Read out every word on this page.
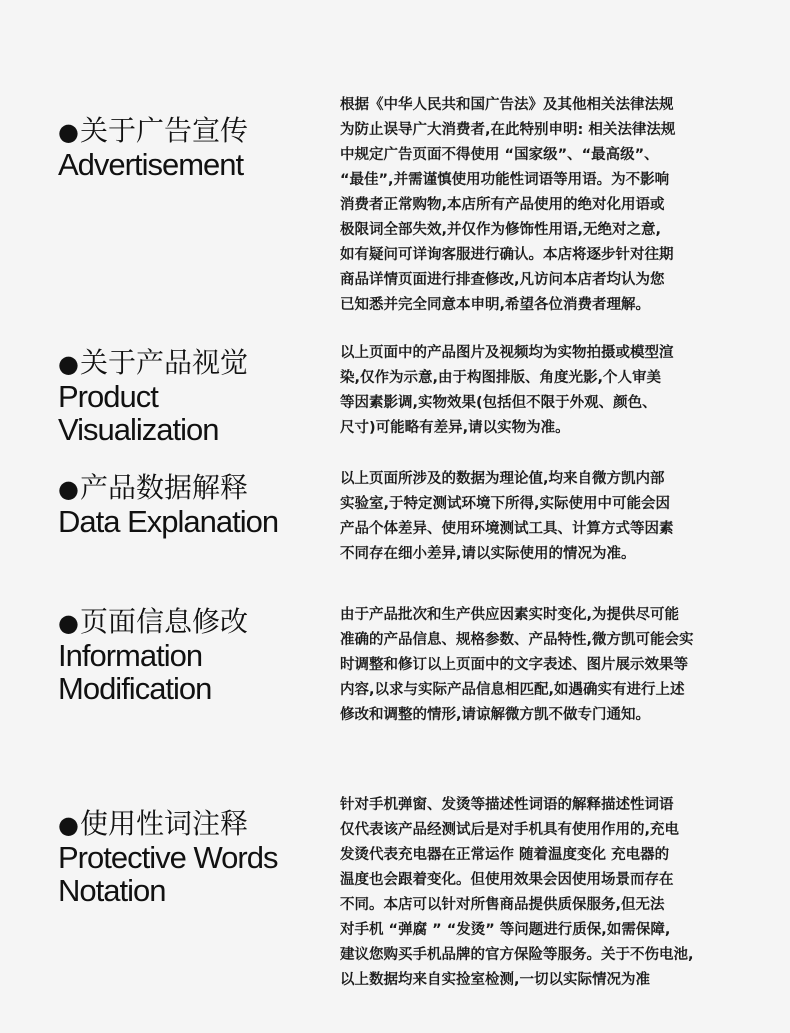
●关于广告宣传
Advertisement
根据《中华人民共和国广告法》及其他相关法律法规
为防止误导广大消费者,在此特别申明: 相关法律法规
中规定广告页面不得使用 “国家级”、“最高级”、
“最佳”,并需谨慎使用功能性词语等用语。为不影响
消费者正常购物,本店所有产品使用的绝对化用语或
极限词全部失效,并仅作为修饰性用语,无绝对之意,
如有疑问可详询客服进行确认。本店将逐步针对往期
商品详情页面进行排查修改,凡访问本店者均认为您
已知悉并完全同意本申明,希望各位消费者理解。
●关于产品视觉
Product
Visualization
以上页面中的产品图片及视频均为实物拍摄或模型渲
染,仅作为示意,由于构图排版、角度光影,个人审美
等因素影调,实物效果(包括但不限于外观、颜色、
尺寸)可能略有差异,请以实物为准。
●产品数据解释
Data Explanation
以上页面所涉及的数据为理论值,均来自微方凯内部
实验室,于特定测试环境下所得,实际使用中可能会因
产品个体差异、使用环境测试工具、计算方式等因素
不同存在细小差异,请以实际使用的情况为准。
●页面信息修改
Information
Modification
由于产品批次和生产供应因素实时变化,为提供尽可能
准确的产品信息、规格参数、产品特性,微方凯可能会实
时调整和修订以上页面中的文字表述、图片展示效果等
内容,以求与实际产品信息相匹配,如遇确实有进行上述
修改和调整的情形,请谅解微方凯不做专门通知。
●使用性词注释
Protective Words
Notation
针对手机弹窗、发烫等描述性词语的解释描述性词语
仅代表该产品经测试后是对手机具有使用作用的,充电
发烫代表充电器在正常运作 随着温度变化 充电器的
温度也会跟着变化。但使用效果会因使用场景而存在
不同。本店可以针对所售商品提供质保服务,但无法
对手机 “弹腐 ” “发烫” 等问题进行质保,如需保障,
建议您购买手机品牌的官方保险等服务。关于不伤电池,
以上数据均来自实捡室检测,一切以实际情况为准
